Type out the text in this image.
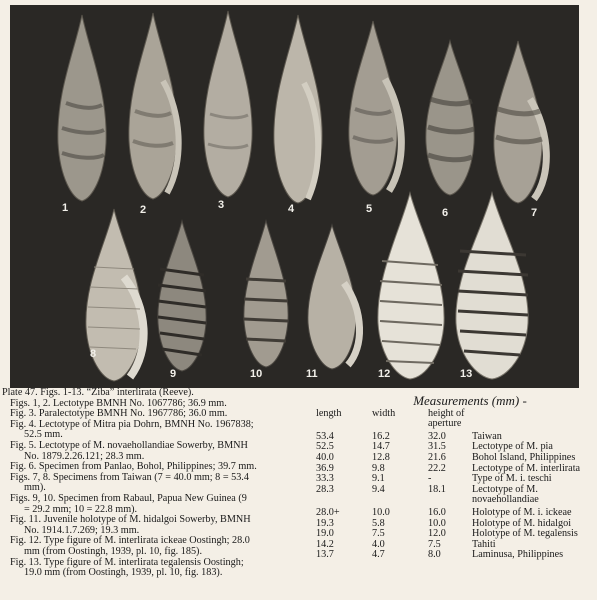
1	2	3	4	5	6	7
8
9	10	11	12	13

Plate 47. Figs. 1-13. “Ziba” interlirata (Reeve).

Figs. 1, 2. Lectotype BMNH No. 1067786; 36.9 mm.

Fig. 3. Paralectotype BMNH No. 1967786; 36.0 mm.

Fig. 4. Lectotype of Mitra pia Dohrn, BMNH No. 1967838;

52.5 mm.

Fig. 5. Lectotype of M. novaehollandiae Sowerby, BMNH

No. 1879.2.26.121; 28.3 mm.

Fig. 6. Specimen from Panlao, Bohol, Philippines; 39.7 mm.

Figs. 7, 8. Specimens from Taiwan (7 = 40.0 mm; 8 = 53.4

mm).

Figs. 9, 10. Specimen from Rabaul, Papua New Guinea (9

= 29.2 mm; 10 = 22.8 mm).

Fig. 11. Juvenile holotype of M. hidalgoi Sowerby, BMNH

No. 1914.1.7.269; 19.3 mm.

Fig. 12. Type figure of M. interlirata ickeae Oostingh; 28.0

mm (from Oostingh, 1939, pl. 10, fig. 185).

Fig. 13. Type figure of M. interlirata tegalensis Oostingh;

19.0 mm (from Oostingh, 1939, pl. 10, fig. 183).

Measurements (mm) -
length	width	height of
aperture
53.4	16.2	32.0	Taiwan
52.5	14.7	31.5	Lectotype of M. pia
40.0	12.8	21.6	Bohol Island, Philippines
36.9	9.8	22.2	Lectotype of M. interlirata
33.3	9.1	-	Type of M. i. teschi
28.3	9.4	18.1	Lectotype of M.
novaehollandiae
28.0+	10.0	16.0	Holotype of M. i. ickeae
19.3	5.8	10.0	Holotype of M. hidalgoi
19.0	7.5	12.0	Holotype of M. tegalensis
14.2	4.0	7.5	Tahiti
13.7	4.7	8.0	Laminusa, Philippines
